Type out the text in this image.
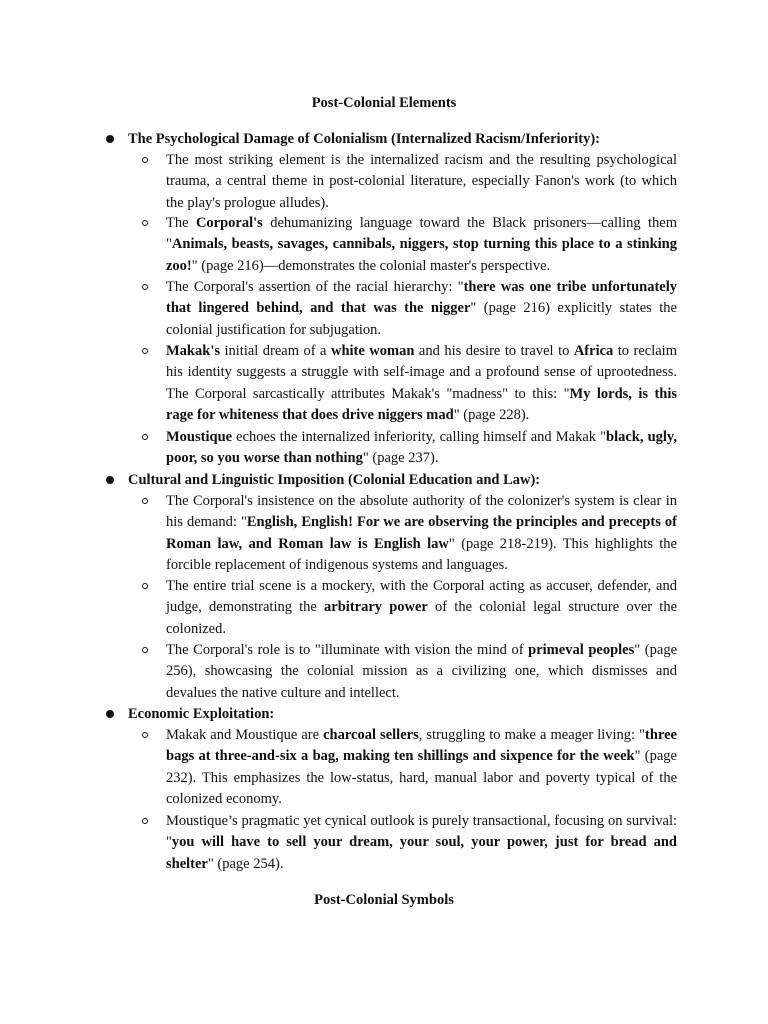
Post-Colonial Elements
The Psychological Damage of Colonialism (Internalized Racism/Inferiority):
The most striking element is the internalized racism and the resulting psychological trauma, a central theme in post-colonial literature, especially Fanon's work (to which the play's prologue alludes).
The Corporal's dehumanizing language toward the Black prisoners—calling them "Animals, beasts, savages, cannibals, niggers, stop turning this place to a stinking zoo!" (page 216)—demonstrates the colonial master's perspective.
The Corporal's assertion of the racial hierarchy: "there was one tribe unfortunately that lingered behind, and that was the nigger" (page 216) explicitly states the colonial justification for subjugation.
Makak's initial dream of a white woman and his desire to travel to Africa to reclaim his identity suggests a struggle with self-image and a profound sense of uprootedness. The Corporal sarcastically attributes Makak's "madness" to this: "My lords, is this rage for whiteness that does drive niggers mad" (page 228).
Moustique echoes the internalized inferiority, calling himself and Makak "black, ugly, poor, so you worse than nothing" (page 237).
Cultural and Linguistic Imposition (Colonial Education and Law):
The Corporal's insistence on the absolute authority of the colonizer's system is clear in his demand: "English, English! For we are observing the principles and precepts of Roman law, and Roman law is English law" (page 218-219). This highlights the forcible replacement of indigenous systems and languages.
The entire trial scene is a mockery, with the Corporal acting as accuser, defender, and judge, demonstrating the arbitrary power of the colonial legal structure over the colonized.
The Corporal's role is to "illuminate with vision the mind of primeval peoples" (page 256), showcasing the colonial mission as a civilizing one, which dismisses and devalues the native culture and intellect.
Economic Exploitation:
Makak and Moustique are charcoal sellers, struggling to make a meager living: "three bags at three-and-six a bag, making ten shillings and sixpence for the week" (page 232). This emphasizes the low-status, hard, manual labor and poverty typical of the colonized economy.
Moustique’s pragmatic yet cynical outlook is purely transactional, focusing on survival: "you will have to sell your dream, your soul, your power, just for bread and shelter" (page 254).
Post-Colonial Symbols
